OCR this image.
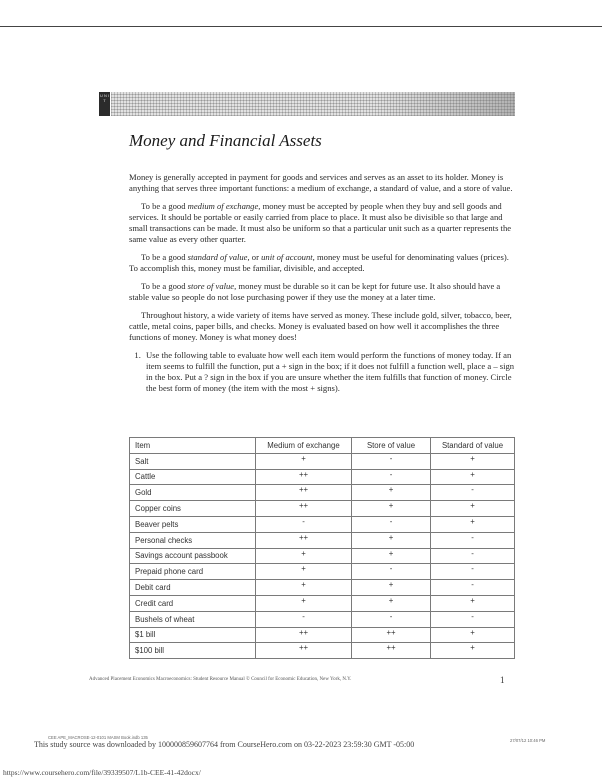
U N I T
Money and Financial Assets

Money is generally accepted in payment for goods and services and serves as an asset to its holder. Money is anything that serves three important functions: a medium of exchange, a standard of value, and a store of value.

To be a good medium of exchange, money must be accepted by people when they buy and sell goods and services. It should be portable or easily carried from place to place. It must also be divisible so that large and small transactions can be made. It must also be uniform so that a particular unit such as a quarter represents the same value as every other quarter.

To be a good standard of value, or unit of account, money must be useful for denominating values (prices). To accomplish this, money must be familiar, divisible, and accepted.

To be a good store of value, money must be durable so it can be kept for future use. It also should have a stable value so people do not lose purchasing power if they use the money at a later time.

Throughout history, a wide variety of items have served as money. These include gold, silver, tobacco, beer, cattle, metal coins, paper bills, and checks. Money is evaluated based on how well it accomplishes the three functions of money. Money is what money does!

1. Use the following table to evaluate how well each item would perform the functions of money today. If an item seems to fulfill the function, put a + sign in the box; if it does not fulfill a function well, place a – sign in the box. Put a ? sign in the box if you are unsure whether the item fulfills that function of money. Circle the best form of money (the item with the most + signs).
Item	Medium of exchange	Store of value	Standard of value
Salt	+	-	+
Cattle	++	-	+
Gold	++	+	-
Copper coins	++	+	+
Beaver pelts	-	-	+
Personal checks	++	+	-
Savings account passbook	+	+	-
Prepaid phone card	+	-	-
Debit card	+	+	-
Credit card	+	+	+
Bushels of wheat	-	-	-
$1 bill	++	++	+
$100 bill	++	++	+
Advanced Placement Economics Macroeconomics: Student Resource Manual © Council for Economic Education, New York, N.Y.	1
CEE APE_MACROSE-12-0101 MASM Book.indb 135
27/07/12 10:46 PM
This study source was downloaded by 100000859607764 from CourseHero.com on 03-22-2023 23:59:30 GMT -05:00
https://www.coursehero.com/file/39339507/L1b-CEE-41-42docx/
